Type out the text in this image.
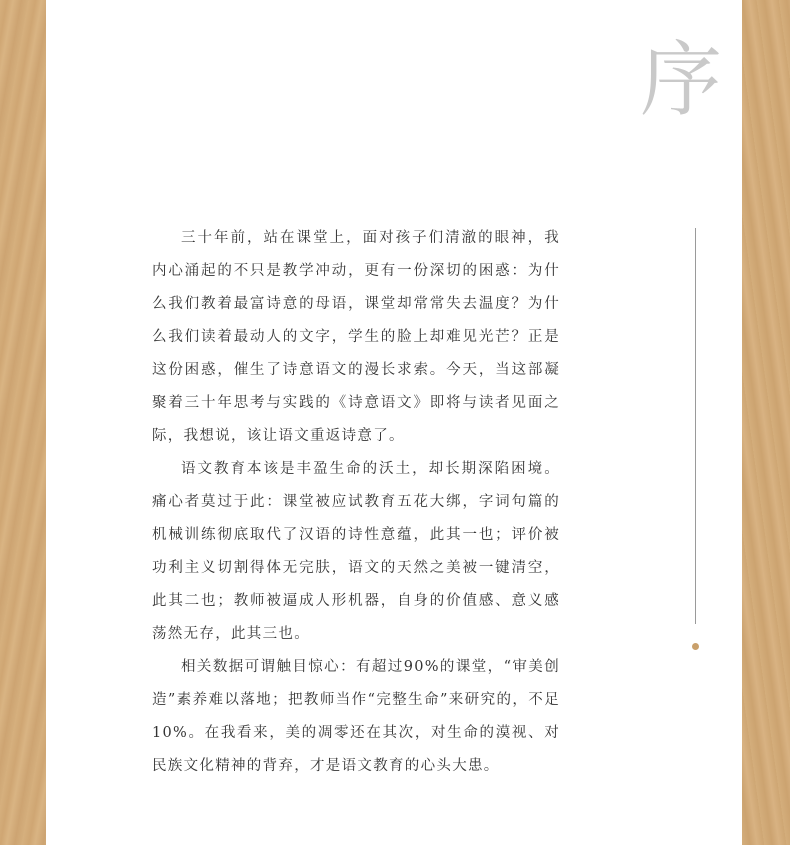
序

三十年前，站在课堂上，面对孩子们清澈的眼神，我内心涌起的不只是教学冲动，更有一份深切的困惑：为什么我们教着最富诗意的母语，课堂却常常失去温度？为什么我们读着最动人的文字，学生的脸上却难见光芒？正是这份困惑，催生了诗意语文的漫长求索。今天，当这部凝聚着三十年思考与实践的《诗意语文》即将与读者见面之际，我想说，该让语文重返诗意了。

语文教育本该是丰盈生命的沃土，却长期深陷困境。痛心者莫过于此：课堂被应试教育五花大绑，字词句篇的机械训练彻底取代了汉语的诗性意蕴，此其一也；评价被功利主义切割得体无完肤，语文的天然之美被一键清空，此其二也；教师被逼成人形机器，自身的价值感、意义感荡然无存，此其三也。

相关数据可谓触目惊心：有超过90%的课堂，“审美创造”素养难以落地；把教师当作“完整生命”来研究的，不足10%。在我看来，美的凋零还在其次，对生命的漠视、对民族文化精神的背弃，才是语文教育的心头大患。
